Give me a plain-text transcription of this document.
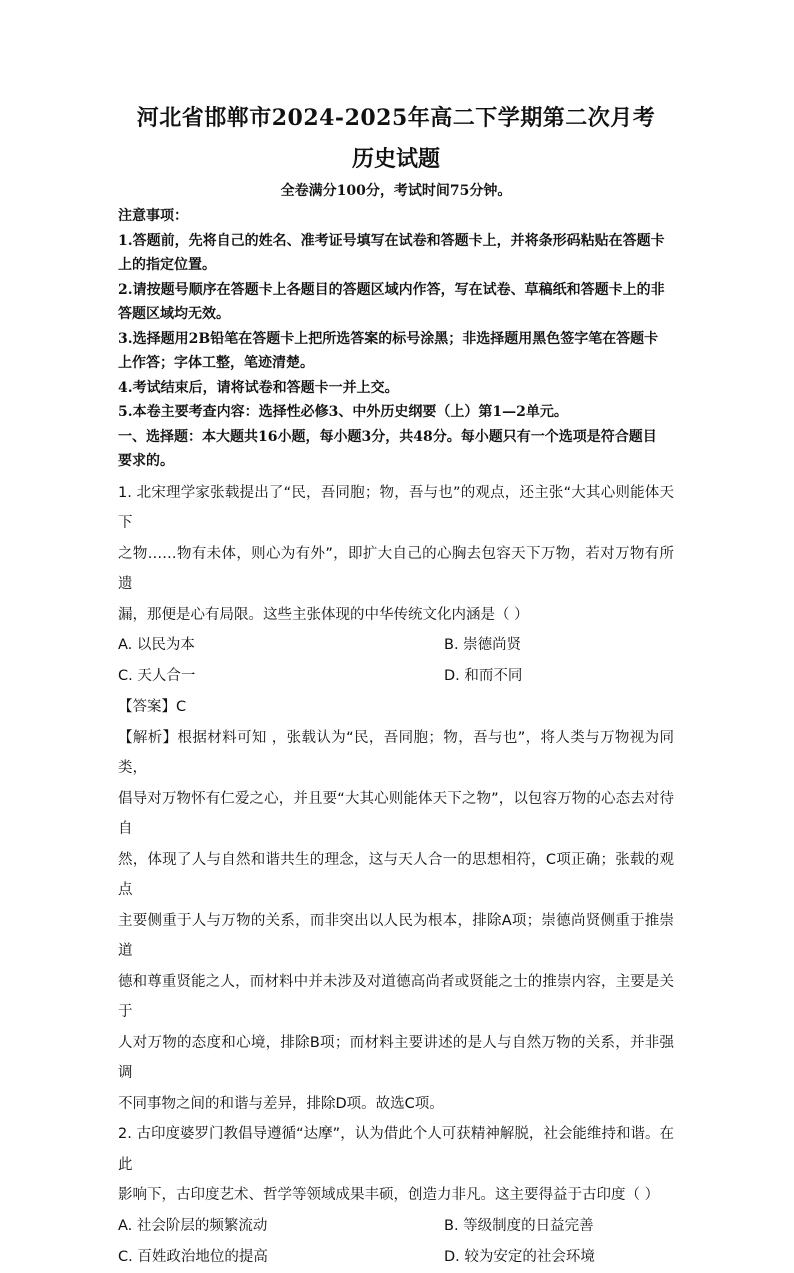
河北省邯郸市2024-2025年高二下学期第二次月考
历史试题

全卷满分100分，考试时间75分钟。

注意事项：

1.答题前，先将自己的姓名、准考证号填写在试卷和答题卡上，并将条形码粘贴在答题卡

上的指定位置。

2.请按题号顺序在答题卡上各题目的答题区域内作答，写在试卷、草稿纸和答题卡上的非

答题区域均无效。

3.选择题用2B铅笔在答题卡上把所选答案的标号涂黑；非选择题用黑色签字笔在答题卡

上作答；字体工整，笔迹清楚。

4.考试结束后，请将试卷和答题卡一并上交。

5.本卷主要考查内容：选择性必修3、中外历史纲要（上）第1—2单元。

一、选择题：本大题共16小题，每小题3分，共48分。每小题只有一个选项是符合题目

要求的。

1. 北宋理学家张载提出了“民，吾同胞；物，吾与也”的观点，还主张“大其心则能体天下

之物……物有未体，则心为有外”，即扩大自己的心胸去包容天下万物，若对万物有所遗

漏，那便是心有局限。这些主张体现的中华传统文化内涵是（ ）

A. 以民为本	B. 崇德尚贤
C. 天人合一	D. 和而不同

【答案】C

【解析】根据材料可知 ，张载认为“民，吾同胞；物，吾与也”，将人类与万物视为同类，

倡导对万物怀有仁爱之心，并且要“大其心则能体天下之物”，以包容万物的心态去对待自

然，体现了人与自然和谐共生的理念，这与天人合一的思想相符，C项正确；张载的观点

主要侧重于人与万物的关系，而非突出以人民为根本，排除A项；崇德尚贤侧重于推崇道

德和尊重贤能之人，而材料中并未涉及对道德高尚者或贤能之士的推崇内容，主要是关于

人对万物的态度和心境，排除B项；而材料主要讲述的是人与自然万物的关系，并非强调

不同事物之间的和谐与差异，排除D项。故选C项。

2. 古印度婆罗门教倡导遵循“达摩”，认为借此个人可获精神解脱，社会能维持和谐。在此

影响下，古印度艺术、哲学等领域成果丰硕，创造力非凡。这主要得益于古印度（ ）

A. 社会阶层的频繁流动	B. 等级制度的日益完善
C. 百姓政治地位的提高	D. 较为安定的社会环境
